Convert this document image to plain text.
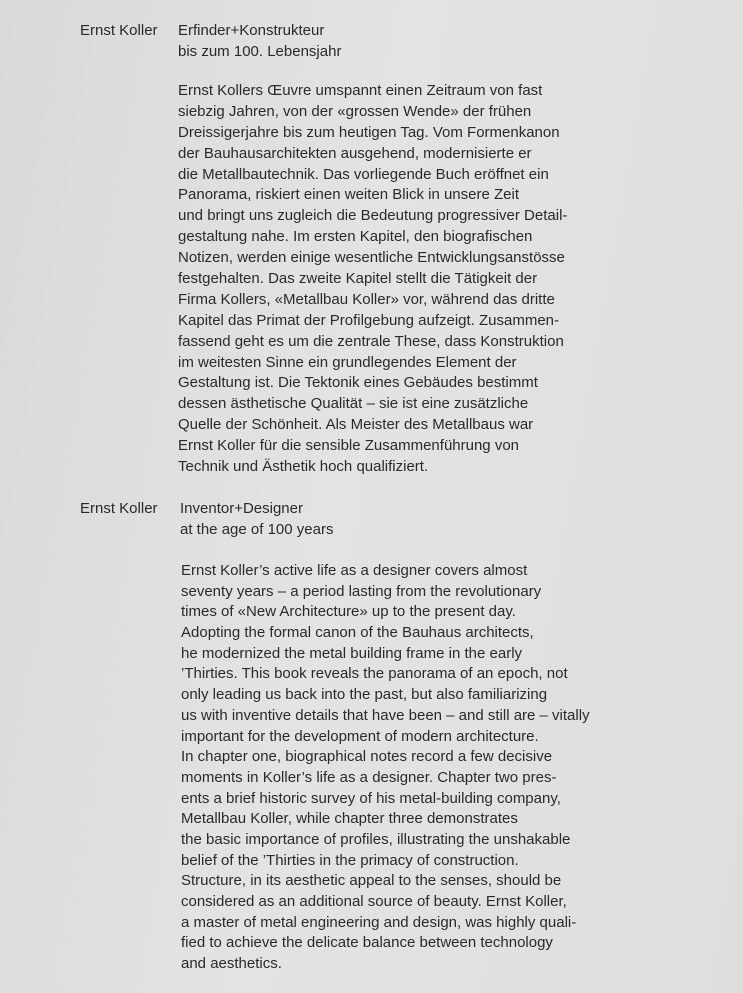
Ernst Koller Erfinder+Konstrukteur
bis zum 100. Lebensjahr
Ernst Kollers Œuvre umspannt einen Zeitraum von fast
siebzig Jahren, von der «grossen Wende» der frühen
Dreissigerjahre bis zum heutigen Tag. Vom Formenkanon
der Bauhausarchitekten ausgehend, modernisierte er
die Metallbautechnik. Das vorliegende Buch eröffnet ein
Panorama, riskiert einen weiten Blick in unsere Zeit
und bringt uns zugleich die Bedeutung progressiver Detail-
gestaltung nahe. Im ersten Kapitel, den biografischen
Notizen, werden einige wesentliche Entwicklungsanstösse
festgehalten. Das zweite Kapitel stellt die Tätigkeit der
Firma Kollers, «Metallbau Koller» vor, während das dritte
Kapitel das Primat der Profilgebung aufzeigt. Zusammen-
fassend geht es um die zentrale These, dass Konstruktion
im weitesten Sinne ein grundlegendes Element der
Gestaltung ist. Die Tektonik eines Gebäudes bestimmt
dessen ästhetische Qualität – sie ist eine zusätzliche
Quelle der Schönheit. Als Meister des Metallbaus war
Ernst Koller für die sensible Zusammenführung von
Technik und Ästhetik hoch qualifiziert.
Ernst Koller Inventor+Designer
at the age of 100 years
Ernst Koller’s active life as a designer covers almost
seventy years – a period lasting from the revolutionary
times of «New Architecture» up to the present day.
Adopting the formal canon of the Bauhaus architects,
he modernized the metal building frame in the early
’Thirties. This book reveals the panorama of an epoch, not
only leading us back into the past, but also familiarizing
us with inventive details that have been – and still are – vitally
important for the development of modern architecture.
In chapter one, biographical notes record a few decisive
moments in Koller’s life as a designer. Chapter two pres-
ents a brief historic survey of his metal-building company,
Metallbau Koller, while chapter three demonstrates
the basic importance of profiles, illustrating the unshakable
belief of the ’Thirties in the primacy of construction.
Structure, in its aesthetic appeal to the senses, should be
considered as an additional source of beauty. Ernst Koller,
a master of metal engineering and design, was highly quali-
fied to achieve the delicate balance between technology
and aesthetics.
